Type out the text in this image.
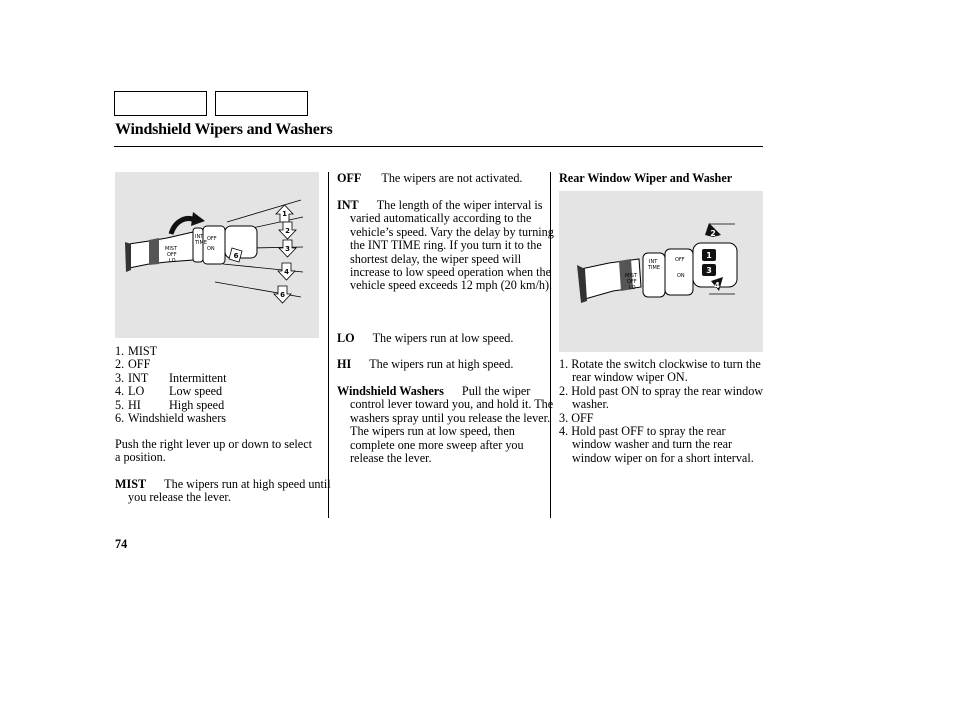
Windshield Wipers and Washers
MIST
OFF
LO
INT
TIME
OFF
ON
1
2
3
4
6
6
1. MIST
2. OFF
3. INT Intermittent
4. LO Low speed
5. HI High speed
6. Windshield washers

Push the right lever up or down to select a position.

MIST The wipers run at high speed until you release the lever.

OFF The wipers are not activated.

INT The length of the wiper interval is varied automatically according to the vehicle’s speed. Vary the delay by turning the INT TIME ring. If you turn it to the shortest delay, the wiper speed will increase to low speed operation when the vehicle speed exceeds 12 mph (20 km/h).

LO The wipers run at low speed.

HI The wipers run at high speed.

Windshield Washers Pull the wiper control lever toward you, and hold it. The washers spray until you release the lever. The wipers run at low speed, then complete one more sweep after you release the lever.

Rear Window Wiper and Washer

INT
TIME
OFF
ON
MIST
OFF
LO
1
3
2
4

1. Rotate the switch clockwise to turn the rear window wiper ON.

2. Hold past ON to spray the rear window washer.

3. OFF

4. Hold past OFF to spray the rear window washer and turn the rear window wiper on for a short interval.

74
